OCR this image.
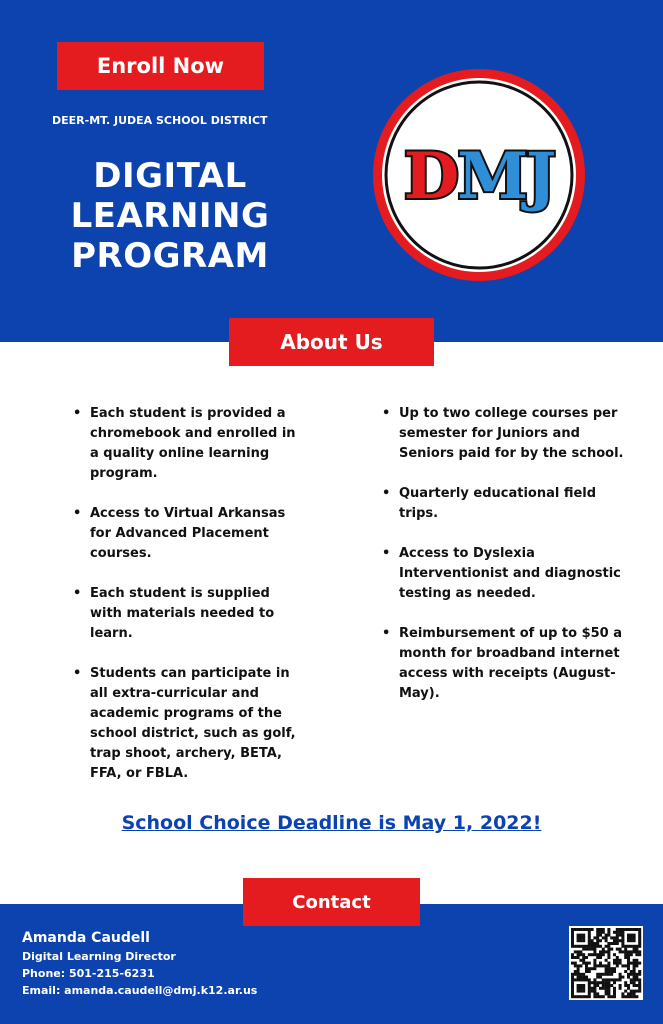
Enroll Now
DEER-MT. JUDEA SCHOOL DISTRICT
DIGITAL
LEARNING
PROGRAM
DMJ
About Us
• Each student is provided a chromebook and enrolled in a quality online learning program.
• Access to Virtual Arkansas for Advanced Placement courses.
• Each student is supplied with materials needed to learn.
• Students can participate in all extra-curricular and academic programs of the school district, such as golf, trap shoot, archery, BETA, FFA, or FBLA.
• Up to two college courses per semester for Juniors and Seniors paid for by the school.
• Quarterly educational field trips.
• Access to Dyslexia Interventionist and diagnostic testing as needed.
• Reimbursement of up to $50 a month for broadband internet access with receipts (August-May).
School Choice Deadline is May 1, 2022!
Contact
Amanda Caudell
Digital Learning Director
Phone: 501-215-6231
Email: amanda.caudell@dmj.k12.ar.us
